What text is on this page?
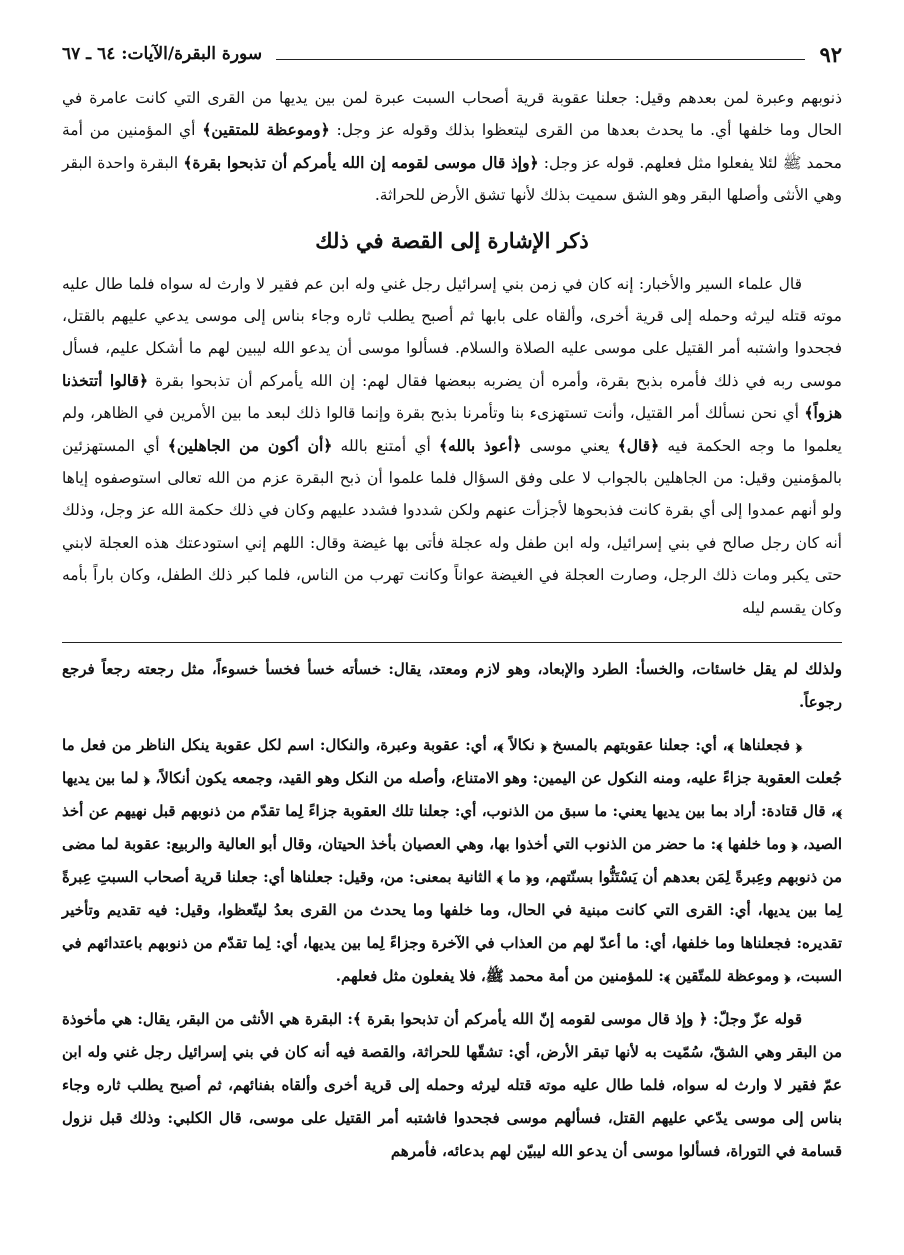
٩٢
سورة البقرة/الآيات: ٦٤ ـ ٦٧

ذنوبهم وعبرة لمن بعدهم وقيل: جعلنا عقوبة قرية أصحاب السبت عبرة لمن بين يديها من القرى التي كانت عامرة في الحال وما خلفها أي. ما يحدث بعدها من القرى ليتعظوا بذلك وقوله عز وجل: ﴿وموعظة للمتقين﴾ أي المؤمنين من أمة محمد ﷺ لئلا يفعلوا مثل فعلهم. قوله عز وجل: ﴿وإذ قال موسى لقومه إن الله يأمركم أن تذبحوا بقرة﴾ البقرة واحدة البقر وهي الأنثى وأصلها البقر وهو الشق سميت بذلك لأنها تشق الأرض للحراثة.

ذكر الإشارة إلى القصة في ذلك

قال علماء السير والأخبار: إنه كان في زمن بني إسرائيل رجل غني وله ابن عم فقير لا وارث له سواه فلما طال عليه موته قتله ليرثه وحمله إلى قرية أخرى، وألقاه على بابها ثم أصبح يطلب ثاره وجاء بناس إلى موسى يدعي عليهم بالقتل، فجحدوا واشتبه أمر القتيل على موسى عليه الصلاة والسلام. فسألوا موسى أن يدعو الله ليبين لهم ما أشكل عليم، فسأل موسى ربه في ذلك فأمره بذبح بقرة، وأمره أن يضربه ببعضها فقال لهم: إن الله يأمركم أن تذبحوا بقرة ﴿قالوا أتتخذنا هزواً﴾ أي نحن نسألك أمر القتيل، وأنت تستهزىء بنا وتأمرنا بذبح بقرة وإنما قالوا ذلك لبعد ما بين الأمرين في الظاهر، ولم يعلموا ما وجه الحكمة فيه ﴿قال﴾ يعني موسى ﴿أعوذ بالله﴾ أي أمتنع بالله ﴿أن أكون من الجاهلين﴾ أي المستهزئين بالمؤمنين وقيل: من الجاهلين بالجواب لا على وفق السؤال فلما علموا أن ذبح البقرة عزم من الله تعالى استوصفوه إياها ولو أنهم عمدوا إلى أي بقرة كانت فذبحوها لأجزأت عنهم ولكن شددوا فشدد عليهم وكان في ذلك حكمة الله عز وجل، وذلك أنه كان رجل صالح في بني إسرائيل، وله ابن طفل وله عجلة فأتى بها غيضة وقال: اللهم إني استودعتك هذه العجلة لابني حتى يكبر ومات ذلك الرجل، وصارت العجلة في الغيضة عواناً وكانت تهرب من الناس، فلما كبر ذلك الطفل، وكان باراً بأمه وكان يقسم ليله

ولذلك لم يقل خاسئات، والخسأ: الطرد والإبعاد، وهو لازم ومعتد، يقال: خسأته خسأ فخسأ خسوءاً، مثل رجعته رجعاً فرجع رجوعاً.

﴿ فجعلناها ﴾، أي: جعلنا عقوبتهم بالمسخ ﴿ نكالاً ﴾، أي: عقوبة وعبرة، والنكال: اسم لكل عقوبة ينكل الناظر من فعل ما جُعلت العقوبة جزاءً عليه، ومنه النكول عن اليمين: وهو الامتناع، وأصله من النكل وهو القيد، وجمعه يكون أنكالاً، ﴿ لما بين يديها ﴾، قال قتادة: أراد بما بين يديها يعني: ما سبق من الذنوب، أي: جعلنا تلك العقوبة جزاءً لِما تقدّم من ذنوبهم قبل نهيهم عن أخذ الصيد، ﴿ وما خلفها ﴾: ما حضر من الذنوب التي أخذوا بها، وهي العصيان بأخذ الحيتان، وقال أبو العالية والربيع: عقوبة لما مضى من ذنوبهم وعِبرةً لِمَن بعدهم أن يَسْتَنُّوا بسنّتهم، و﴿ ما ﴾ الثانية بمعنى: من، وقيل: جعلناها أي: جعلنا قرية أصحاب السبتِ عِبرةً لِما بين يديها، أي: القرى التي كانت مبنية في الحال، وما خلفها وما يحدث من القرى بعدُ ليتّعظوا، وقيل: فيه تقديم وتأخير تقديره: فجعلناها وما خلفها، أي: ما أعدّ لهم من العذاب في الآخرة وجزاءً لِما بين يديها، أي: لِما تقدّم من ذنوبهم باعتدائهم في السبت، ﴿ وموعظة للمتّقين ﴾: للمؤمنين من أمة محمد ﷺ، فلا يفعلون مثل فعلهم.

قوله عزّ وجلّ: ﴿ وإذ قال موسى لقومه إنّ الله يأمركم أن تذبحوا بقرة ﴾: البقرة هي الأنثى من البقر، يقال: هي مأخوذة من البقر وهي الشقّ، سُمّيت به لأنها تبقر الأرض، أي: تشقّها للحراثة، والقصة فيه أنه كان في بني إسرائيل رجل غني وله ابن عمّ فقير لا وارث له سواه، فلما طال عليه موته قتله ليرثه وحمله إلى قرية أخرى وألقاه بفنائهم، ثم أصبح يطلب ثاره وجاء بناس إلى موسى يدّعي عليهم القتل، فسألهم موسى فجحدوا فاشتبه أمر القتيل على موسى، قال الكلبي: وذلك قبل نزول قسامة في التوراة، فسألوا موسى أن يدعو الله ليبيّن لهم بدعائه، فأمرهم
